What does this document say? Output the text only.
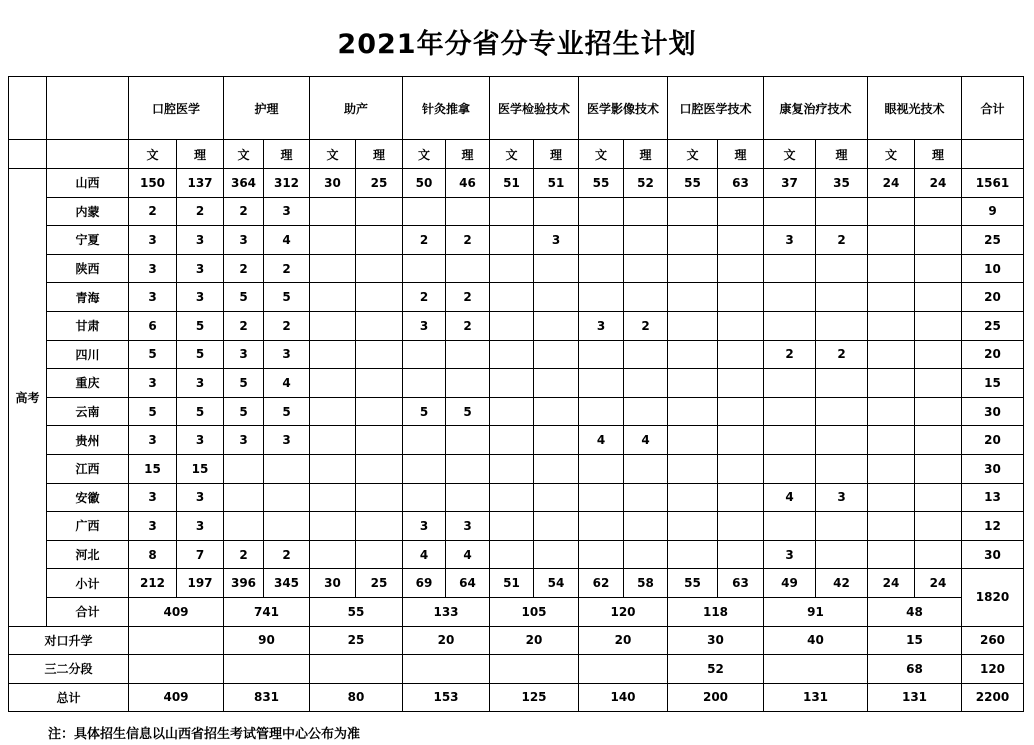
2021年分省分专业招生计划
		口腔医学		护理		助产		针灸推拿		医学检验技术		医学影像技术		口腔医学技术		康复治疗技术		眼视光技术		合计
		文	理	文	理	文	理	文	理	文	理	文	理	文	理	文	理	文	理	
高考	山西	150	137	364	312	30	25	50	46	51	51	55	52	55	63	37	35	24	24	1561
	内蒙	2	2	2	3															9
	宁夏	3	3	3	4			2	2		3					3	2			25
	陕西	3	3	2	2															10
	青海	3	3	5	5			2	2											20
	甘肃	6	5	2	2			3	2			3	2							25
	四川	5	5	3	3											2	2			20
	重庆	3	3	5	4															15
	云南	5	5	5	5			5	5											30
	贵州	3	3	3	3							4	4							20
	江西	15	15																	30
	安徽	3	3													4	3			13
	广西	3	3					3	3											12
	河北	8	7	2	2			4	4							3				30
	小计	212	197	396	345	30	25	69	64	51	54	62	58	55	63	49	42	24	24	1820
	合计	409		741		55		133		105		120		118		91		48		
对口升学				90		25		20		20		20		30		40		15		260
三二分段														52				68		120
总计		409		831		80		153		125		140		200		131		131		2200
注：具体招生信息以山西省招生考试管理中心公布为准
